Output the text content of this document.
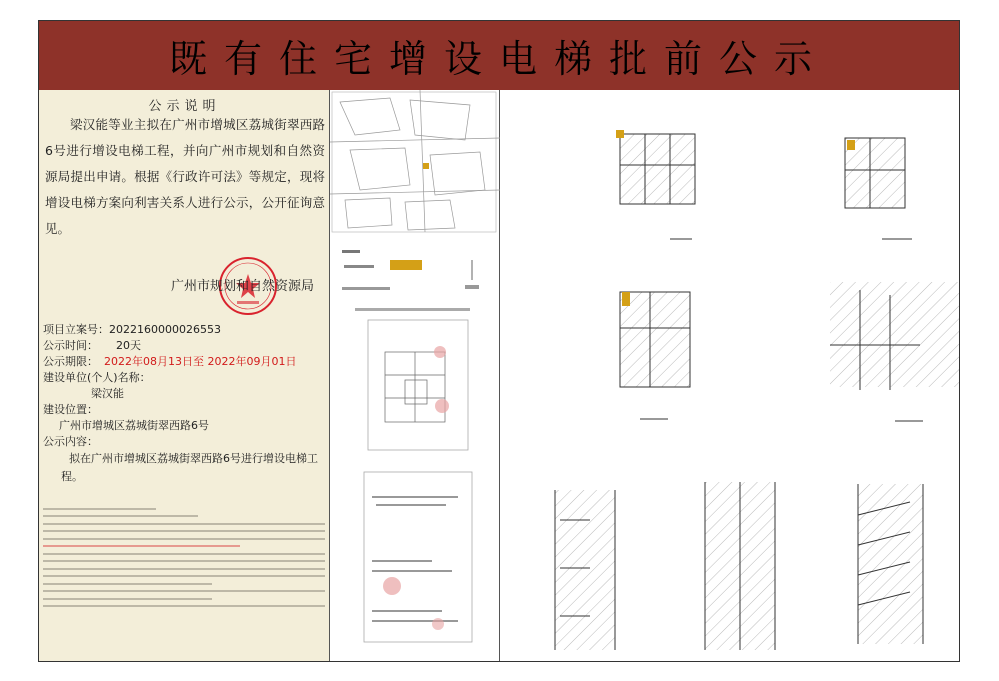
既有住宅增设电梯批前公示
公示说明
梁汉能等业主拟在广州市增城区荔城街翠西路6号进行增设电梯工程，并向广州市规划和自然资源局提出申请。根据《行政许可法》等规定，现将增设电梯方案向利害关系人进行公示，公开征询意见。
广州市规划和自然资源局
项目立案号：2022160000026553
公示时间： 20天
公示期限： 2022年08月13日至 2022年09月01日
建设单位(个人)名称：
梁汉能
建设位置：
广州市增城区荔城街翠西路6号
公示内容：
拟在广州市增城区荔城街翠西路6号进行增设电梯工程。
